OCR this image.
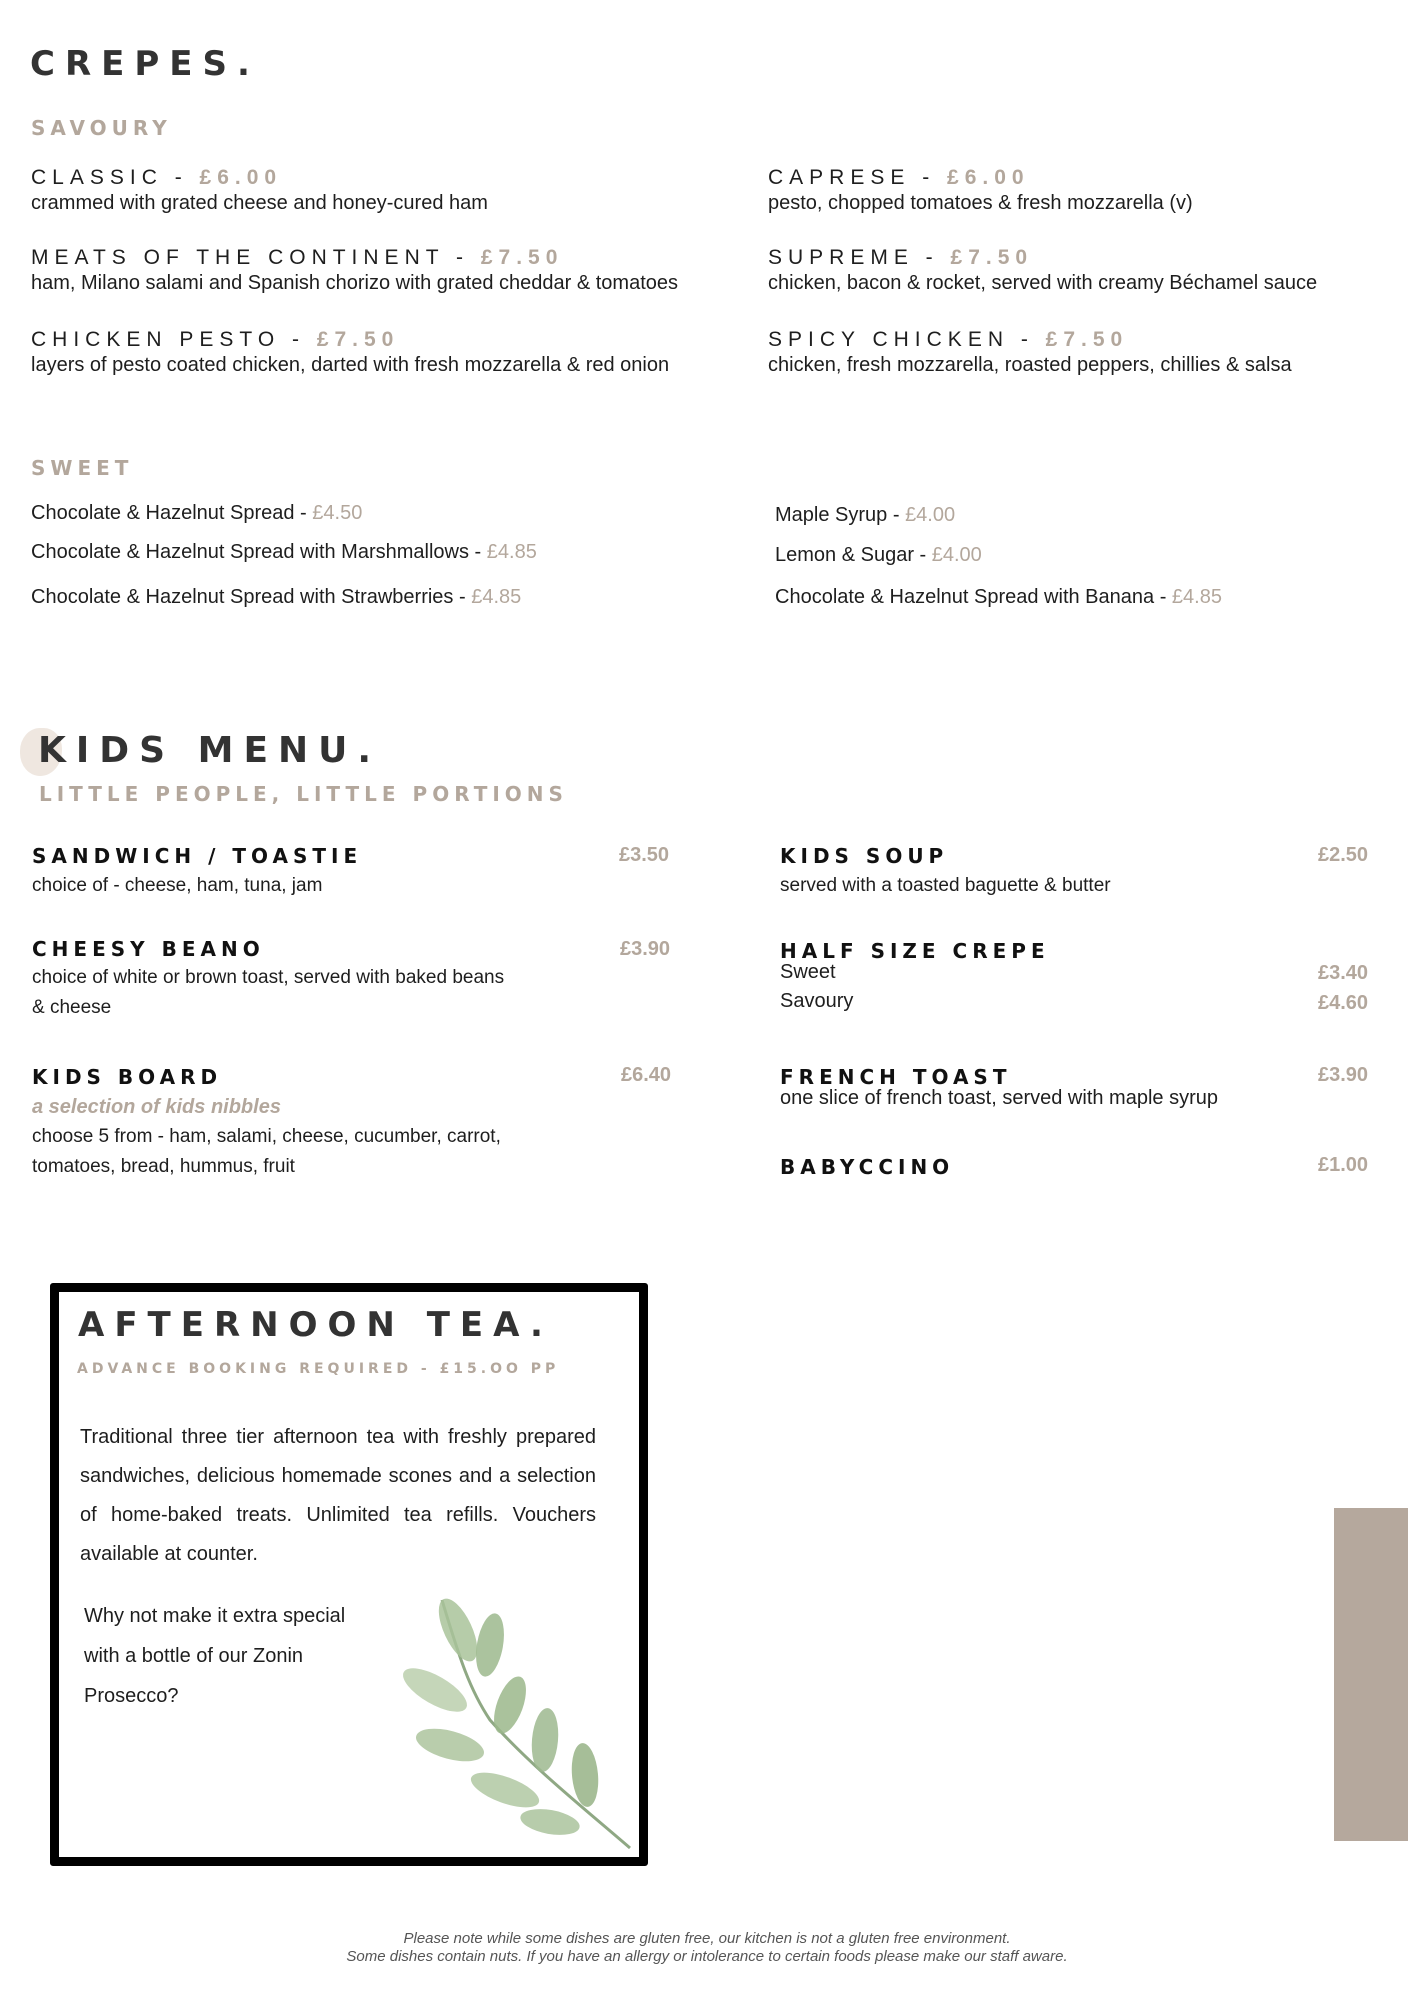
CREPES.
SAVOURY
CLASSIC - £6.00
crammed with grated cheese and honey-cured ham
MEATS OF THE CONTINENT - £7.50
ham, Milano salami and Spanish chorizo with grated cheddar & tomatoes
CHICKEN PESTO - £7.50
layers of pesto coated chicken, darted with fresh mozzarella & red onion
CAPRESE - £6.00
pesto, chopped tomatoes & fresh mozzarella (v)
SUPREME - £7.50
chicken, bacon & rocket, served with creamy Béchamel sauce
SPICY CHICKEN - £7.50
chicken, fresh mozzarella, roasted peppers, chillies & salsa
SWEET
Chocolate & Hazelnut Spread - £4.50
Chocolate & Hazelnut Spread with Marshmallows - £4.85
Chocolate & Hazelnut Spread with Strawberries - £4.85
Maple Syrup - £4.00
Lemon & Sugar - £4.00
Chocolate & Hazelnut Spread with Banana - £4.85
KIDS MENU.
LITTLE PEOPLE, LITTLE PORTIONS
SANDWICH / TOASTIE	£3.50
choice of - cheese, ham, tuna, jam
CHEESY BEANO	£3.90
choice of white or brown toast, served with baked beans
& cheese
KIDS BOARD	£6.40
a selection of kids nibbles
choose 5 from - ham, salami, cheese, cucumber, carrot,
tomatoes, bread, hummus, fruit
KIDS SOUP	£2.50
served with a toasted baguette & butter
HALF SIZE CREPE
Sweet	£3.40
Savoury	£4.60
FRENCH TOAST	£3.90
one slice of french toast, served with maple syrup
BABYCCINO	£1.00
AFTERNOON TEA.
ADVANCE BOOKING REQUIRED - £15.OO PP
Traditional three tier afternoon tea with freshly prepared sandwiches, delicious homemade scones and a selection of home-baked treats. Unlimited tea refills. Vouchers available at counter.
Why not make it extra special
with a bottle of our Zonin
Prosecco?
Please note while some dishes are gluten free, our kitchen is not a gluten free environment.
Some dishes contain nuts. If you have an allergy or intolerance to certain foods please make our staff aware.
